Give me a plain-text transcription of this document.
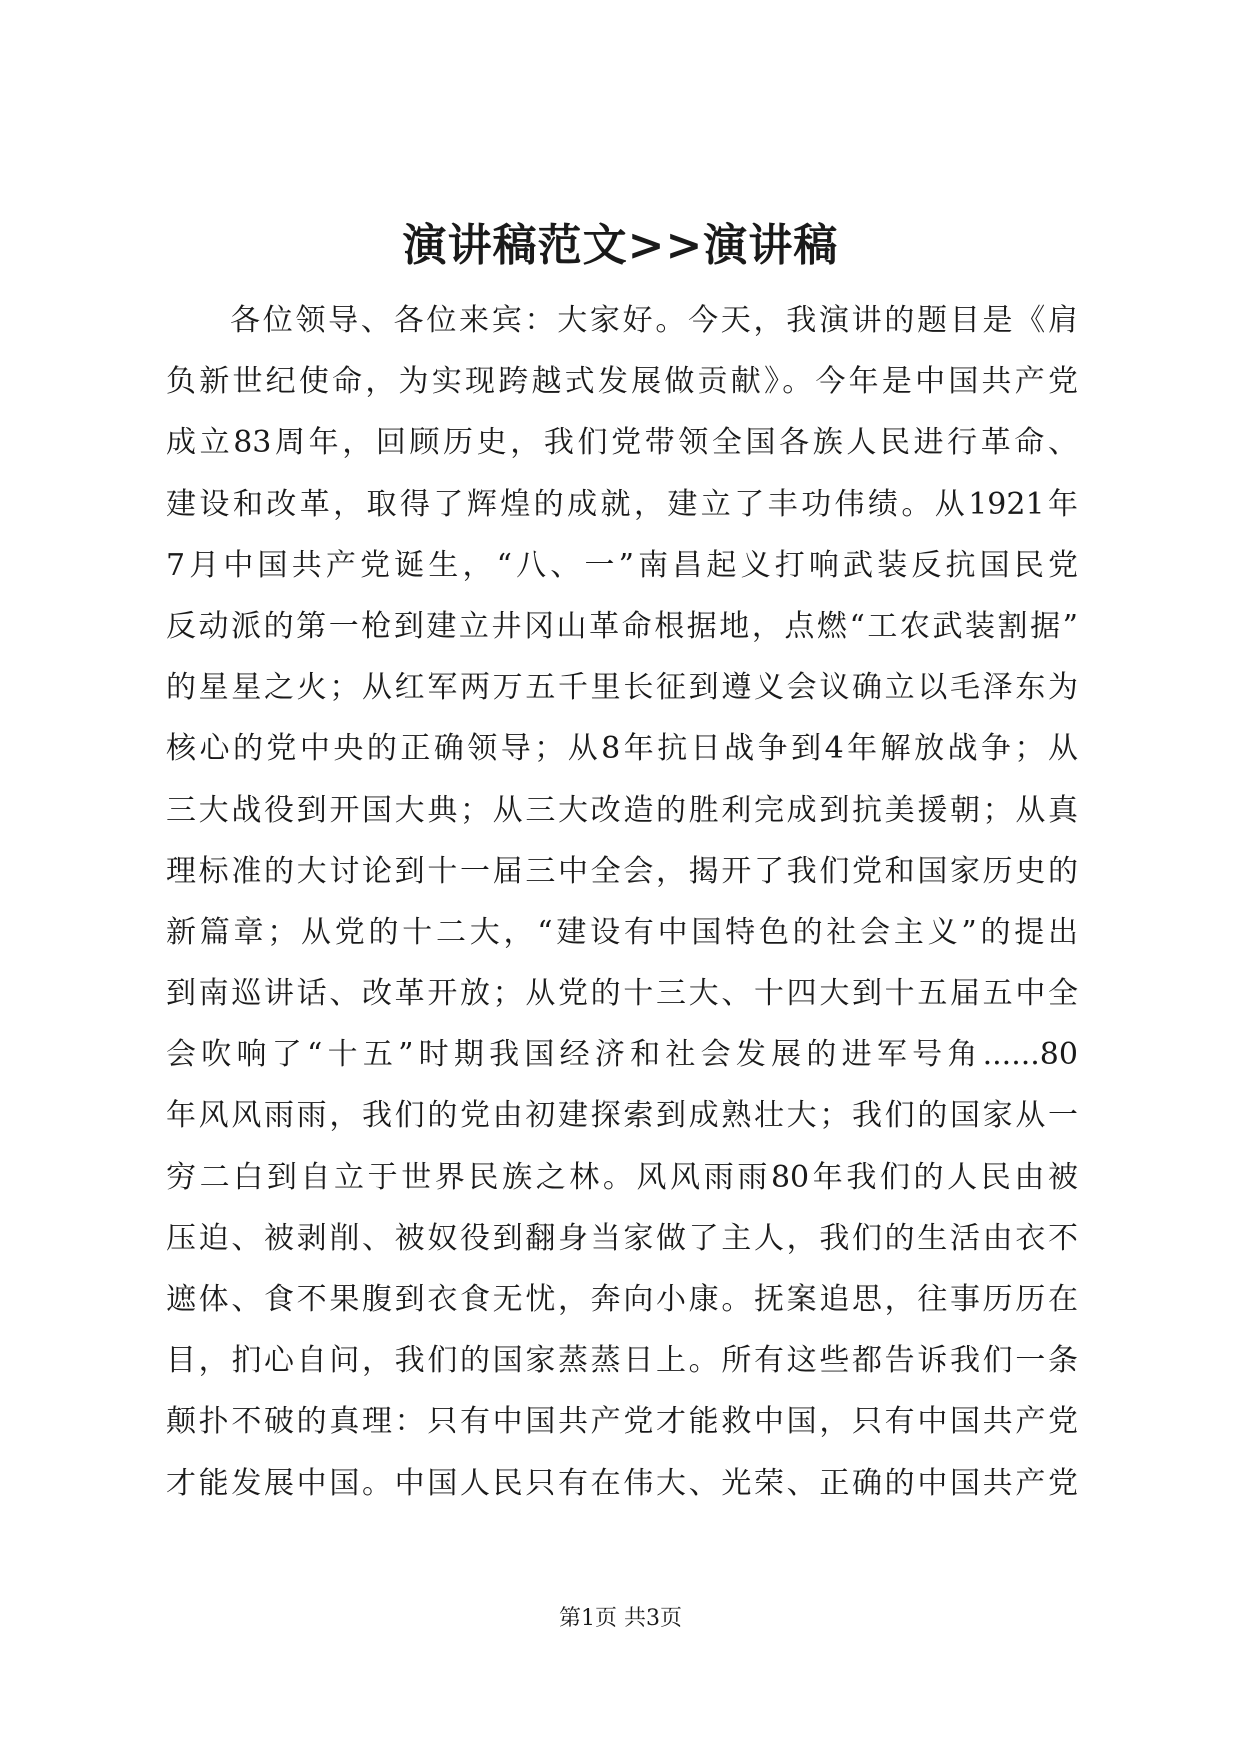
演讲稿范文>>演讲稿
各位领导、各位来宾：大家好。今天，我演讲的题目是《肩
负新世纪使命，为实现跨越式发展做贡献》。今年是中国共产党
成立83周年，回顾历史，我们党带领全国各族人民进行革命、
建设和改革，取得了辉煌的成就，建立了丰功伟绩。从1921年
7月中国共产党诞生，“八、一”南昌起义打响武装反抗国民党
反动派的第一枪到建立井冈山革命根据地，点燃“工农武装割据”
的星星之火；从红军两万五千里长征到遵义会议确立以毛泽东为
核心的党中央的正确领导；从8年抗日战争到4年解放战争；从
三大战役到开国大典；从三大改造的胜利完成到抗美援朝；从真
理标准的大讨论到十一届三中全会，揭开了我们党和国家历史的
新篇章；从党的十二大，“建设有中国特色的社会主义”的提出
到南巡讲话、改革开放；从党的十三大、十四大到十五届五中全
会吹响了“十五”时期我国经济和社会发展的进军号角......80
年风风雨雨，我们的党由初建探索到成熟壮大；我们的国家从一
穷二白到自立于世界民族之林。风风雨雨80年我们的人民由被
压迫、被剥削、被奴役到翻身当家做了主人，我们的生活由衣不
遮体、食不果腹到衣食无忧，奔向小康。抚案追思，往事历历在
目，扪心自问，我们的国家蒸蒸日上。所有这些都告诉我们一条
颠扑不破的真理：只有中国共产党才能救中国，只有中国共产党
才能发展中国。中国人民只有在伟大、光荣、正确的中国共产党
第1页 共3页
